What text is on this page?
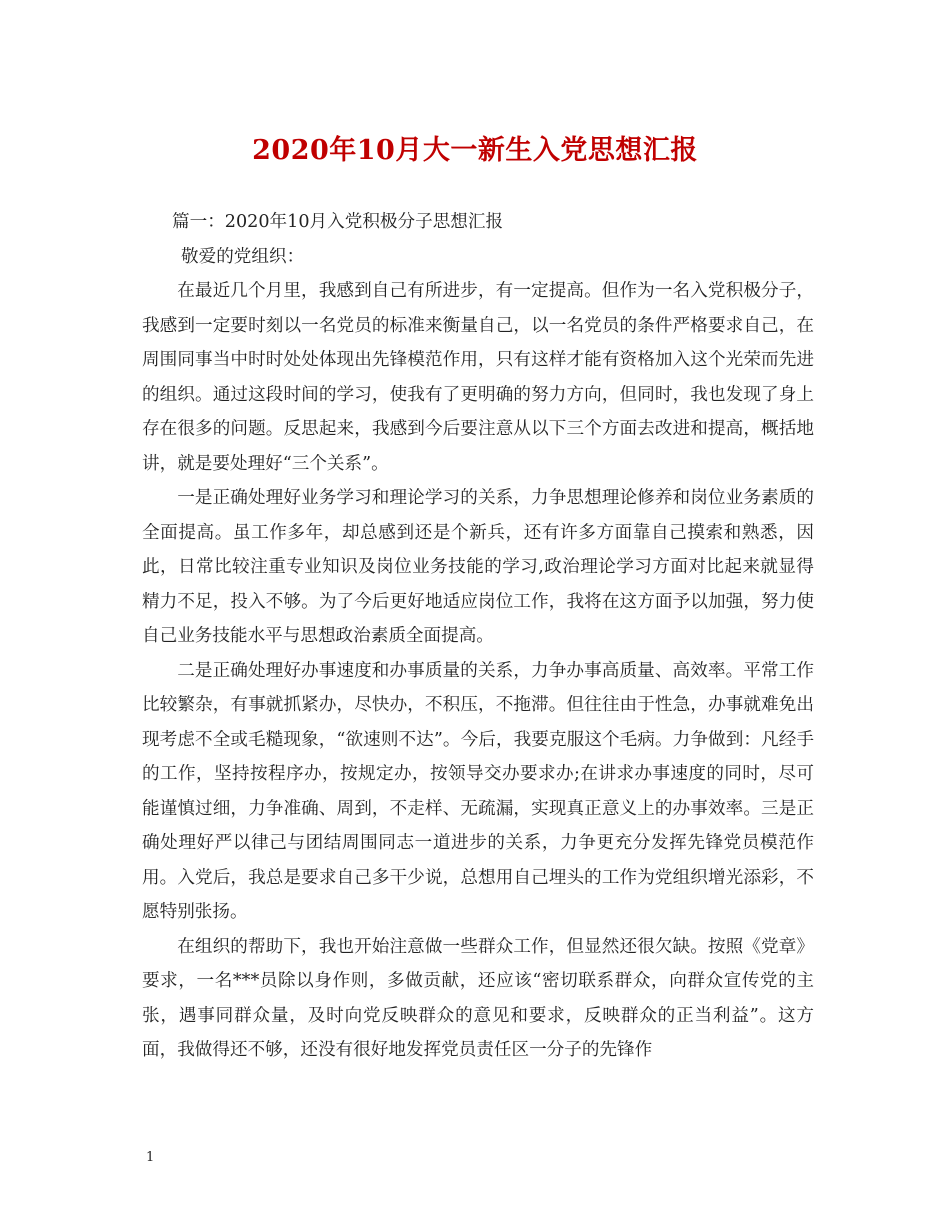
2020年10月大一新生入党思想汇报

篇一：2020年10月入党积极分子思想汇报

敬爱的党组织：

在最近几个月里，我感到自己有所进步，有一定提高。但作为一名入党积极分子，我感到一定要时刻以一名党员的标准来衡量自己，以一名党员的条件严格要求自己，在周围同事当中时时处处体现出先锋模范作用，只有这样才能有资格加入这个光荣而先进的组织。通过这段时间的学习，使我有了更明确的努力方向，但同时，我也发现了身上存在很多的问题。反思起来，我感到今后要注意从以下三个方面去改进和提高，概括地讲，就是要处理好“三个关系”。

一是正确处理好业务学习和理论学习的关系，力争思想理论修养和岗位业务素质的全面提高。虽工作多年，却总感到还是个新兵，还有许多方面靠自己摸索和熟悉，因此，日常比较注重专业知识及岗位业务技能的学习,政治理论学习方面对比起来就显得精力不足，投入不够。为了今后更好地适应岗位工作，我将在这方面予以加强，努力使自己业务技能水平与思想政治素质全面提高。

二是正确处理好办事速度和办事质量的关系，力争办事高质量、高效率。平常工作比较繁杂，有事就抓紧办，尽快办，不积压，不拖滞。但往往由于性急，办事就难免出现考虑不全或毛糙现象，“欲速则不达”。今后，我要克服这个毛病。力争做到：凡经手的工作，坚持按程序办，按规定办，按领导交办要求办;在讲求办事速度的同时，尽可能谨慎过细，力争准确、周到，不走样、无疏漏，实现真正意义上的办事效率。三是正确处理好严以律己与团结周围同志一道进步的关系，力争更充分发挥先锋党员模范作用。入党后，我总是要求自己多干少说，总想用自己埋头的工作为党组织增光添彩，不愿特别张扬。

在组织的帮助下，我也开始注意做一些群众工作，但显然还很欠缺。按照《党章》要求，一名***员除以身作则，多做贡献，还应该“密切联系群众，向群众宣传党的主张，遇事同群众量，及时向党反映群众的意见和要求，反映群众的正当利益”。这方面，我做得还不够，还没有很好地发挥党员责任区一分子的先锋作

1
